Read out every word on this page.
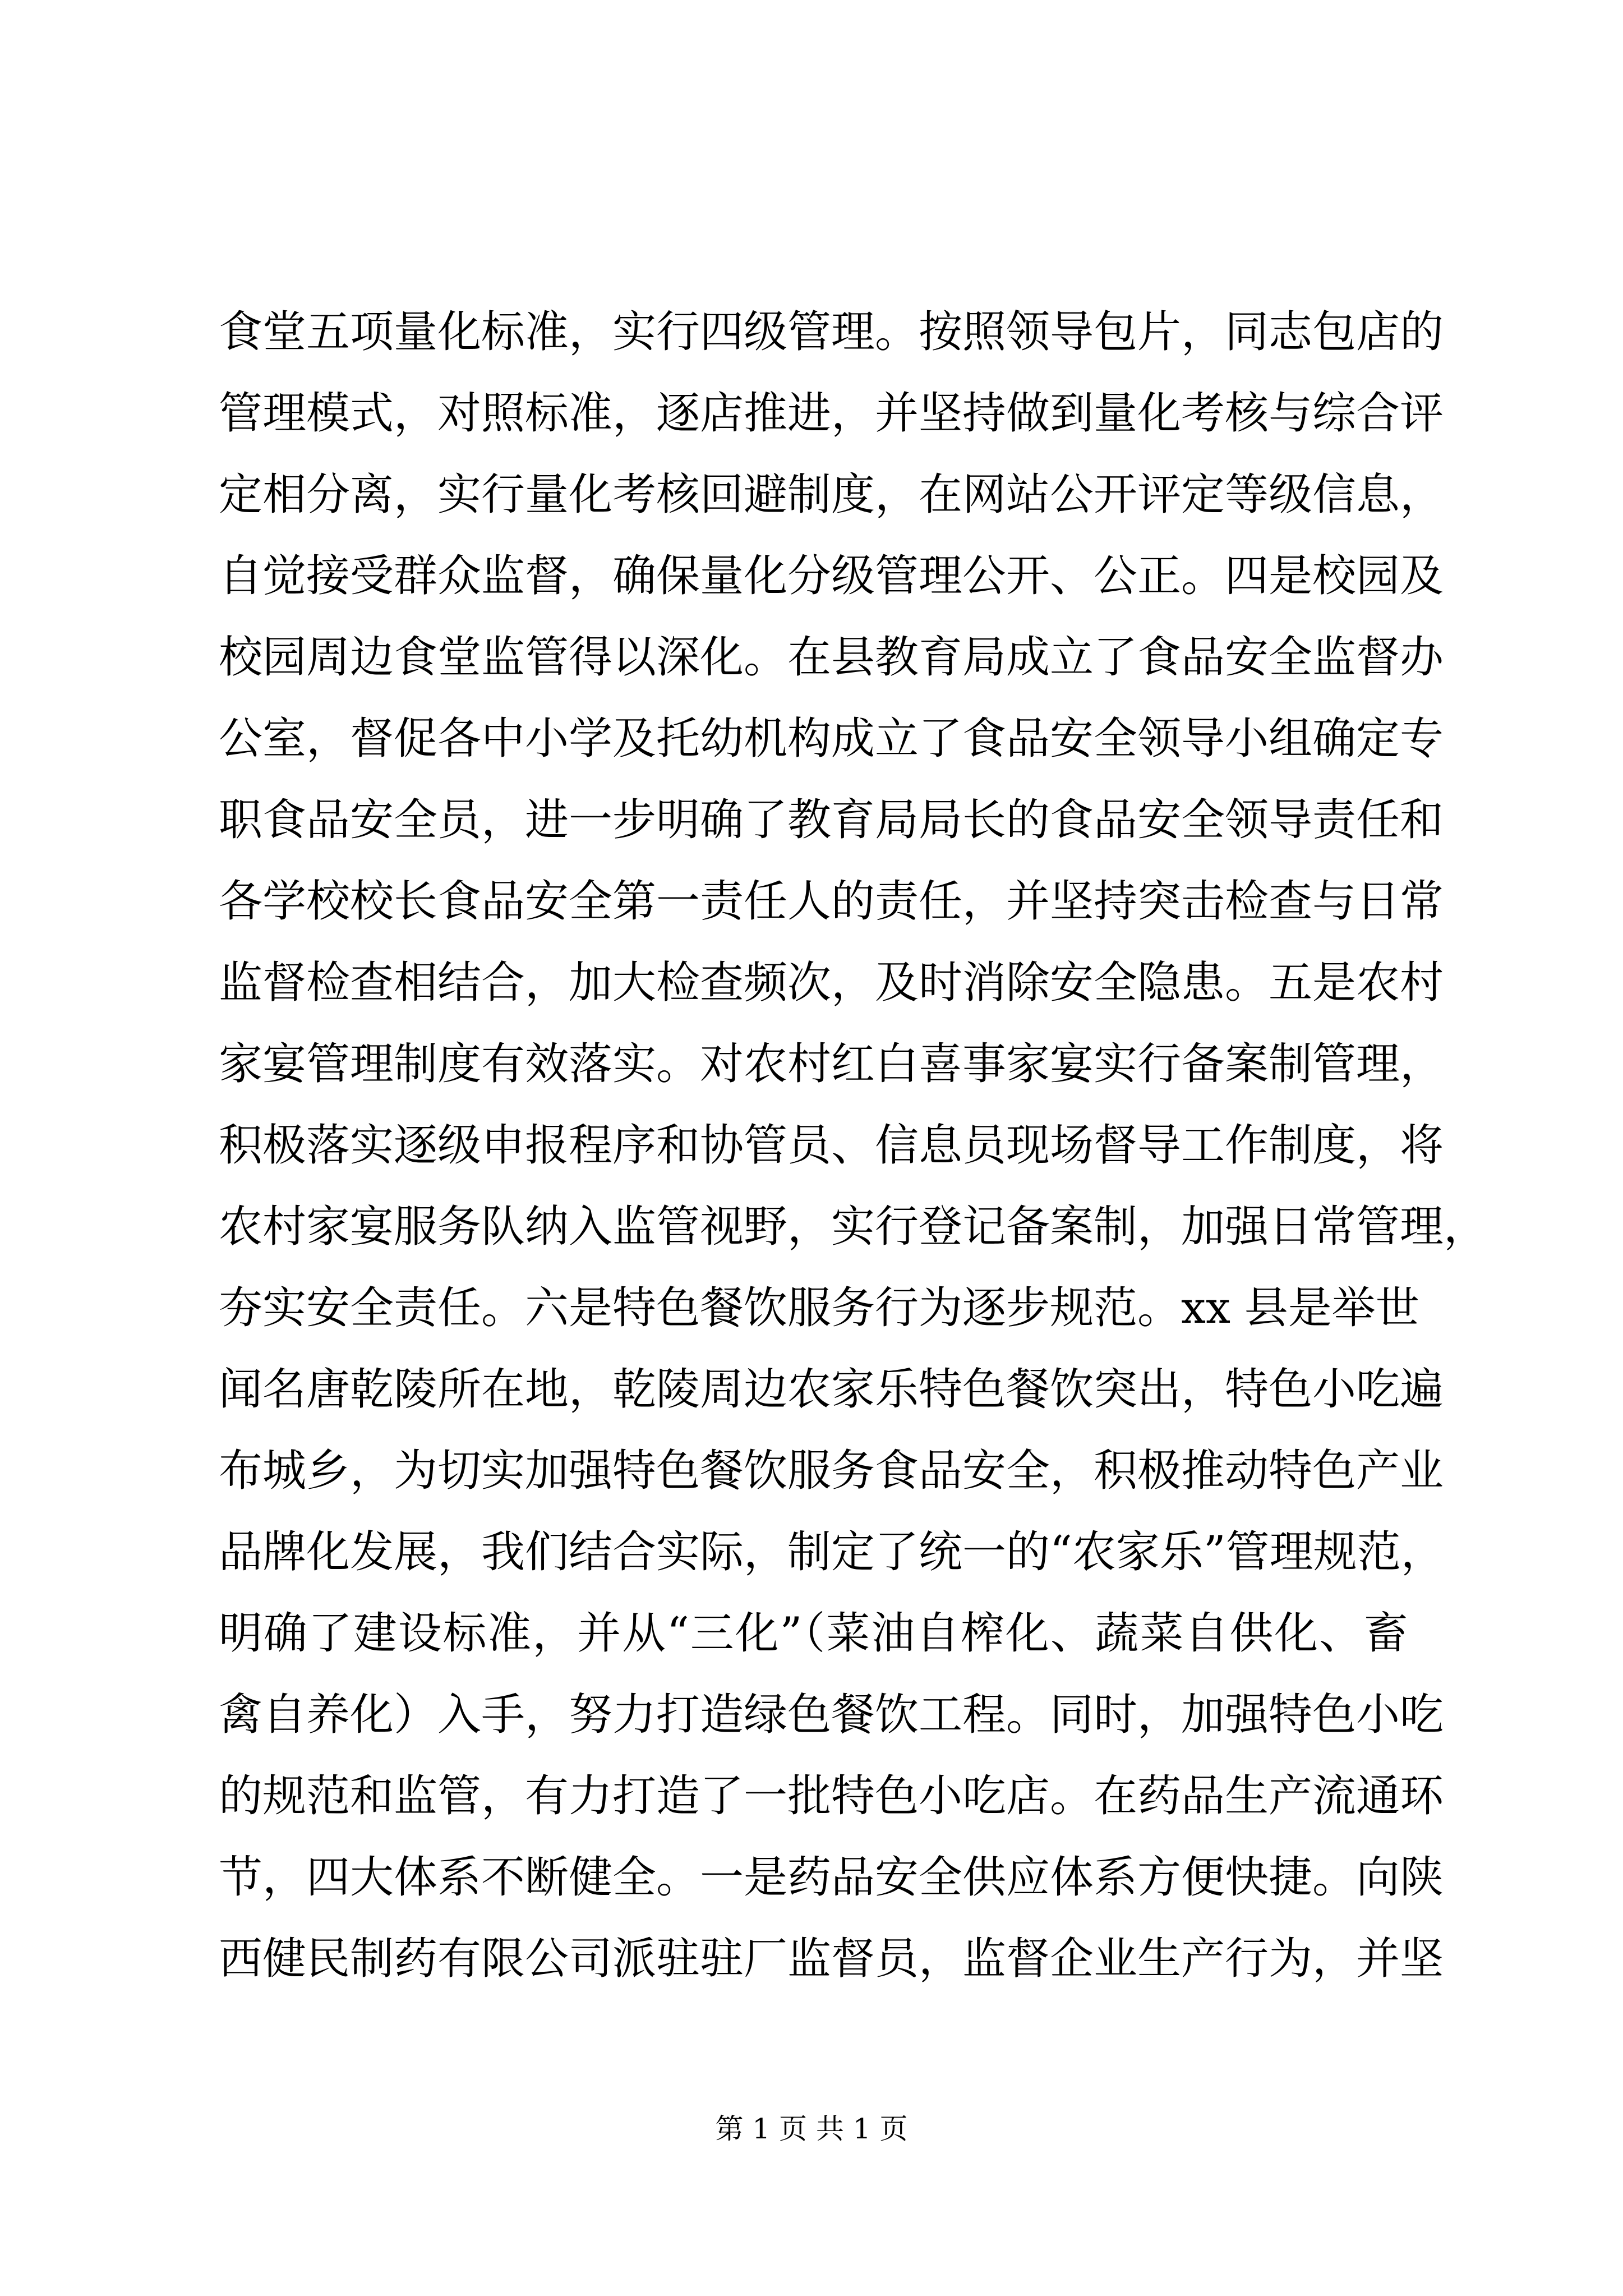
食堂五项量化标准，实行四级管理。按照领导包片，同志包店的
管理模式，对照标准，逐店推进，并坚持做到量化考核与综合评
定相分离，实行量化考核回避制度，在网站公开评定等级信息，
自觉接受群众监督，确保量化分级管理公开、公正。四是校园及
校园周边食堂监管得以深化。在县教育局成立了食品安全监督办
公室，督促各中小学及托幼机构成立了食品安全领导小组确定专
职食品安全员，进一步明确了教育局局长的食品安全领导责任和
各学校校长食品安全第一责任人的责任，并坚持突击检查与日常
监督检查相结合，加大检查频次，及时消除安全隐患。五是农村
家宴管理制度有效落实。对农村红白喜事家宴实行备案制管理，
积极落实逐级申报程序和协管员、信息员现场督导工作制度，将
农村家宴服务队纳入监管视野，实行登记备案制，加强日常管理，
夯实安全责任。六是特色餐饮服务行为逐步规范。xx 县是举世
闻名唐乾陵所在地，乾陵周边农家乐特色餐饮突出，特色小吃遍
布城乡，为切实加强特色餐饮服务食品安全，积极推动特色产业
品牌化发展，我们结合实际，制定了统一的“农家乐”管理规范，
明确了建设标准，并从“三化”（菜油自榨化、蔬菜自供化、畜
禽自养化）入手，努力打造绿色餐饮工程。同时，加强特色小吃
的规范和监管，有力打造了一批特色小吃店。在药品生产流通环
节，四大体系不断健全。一是药品安全供应体系方便快捷。向陕
西健民制药有限公司派驻驻厂监督员，监督企业生产行为，并坚
第 1 页 共 1 页
